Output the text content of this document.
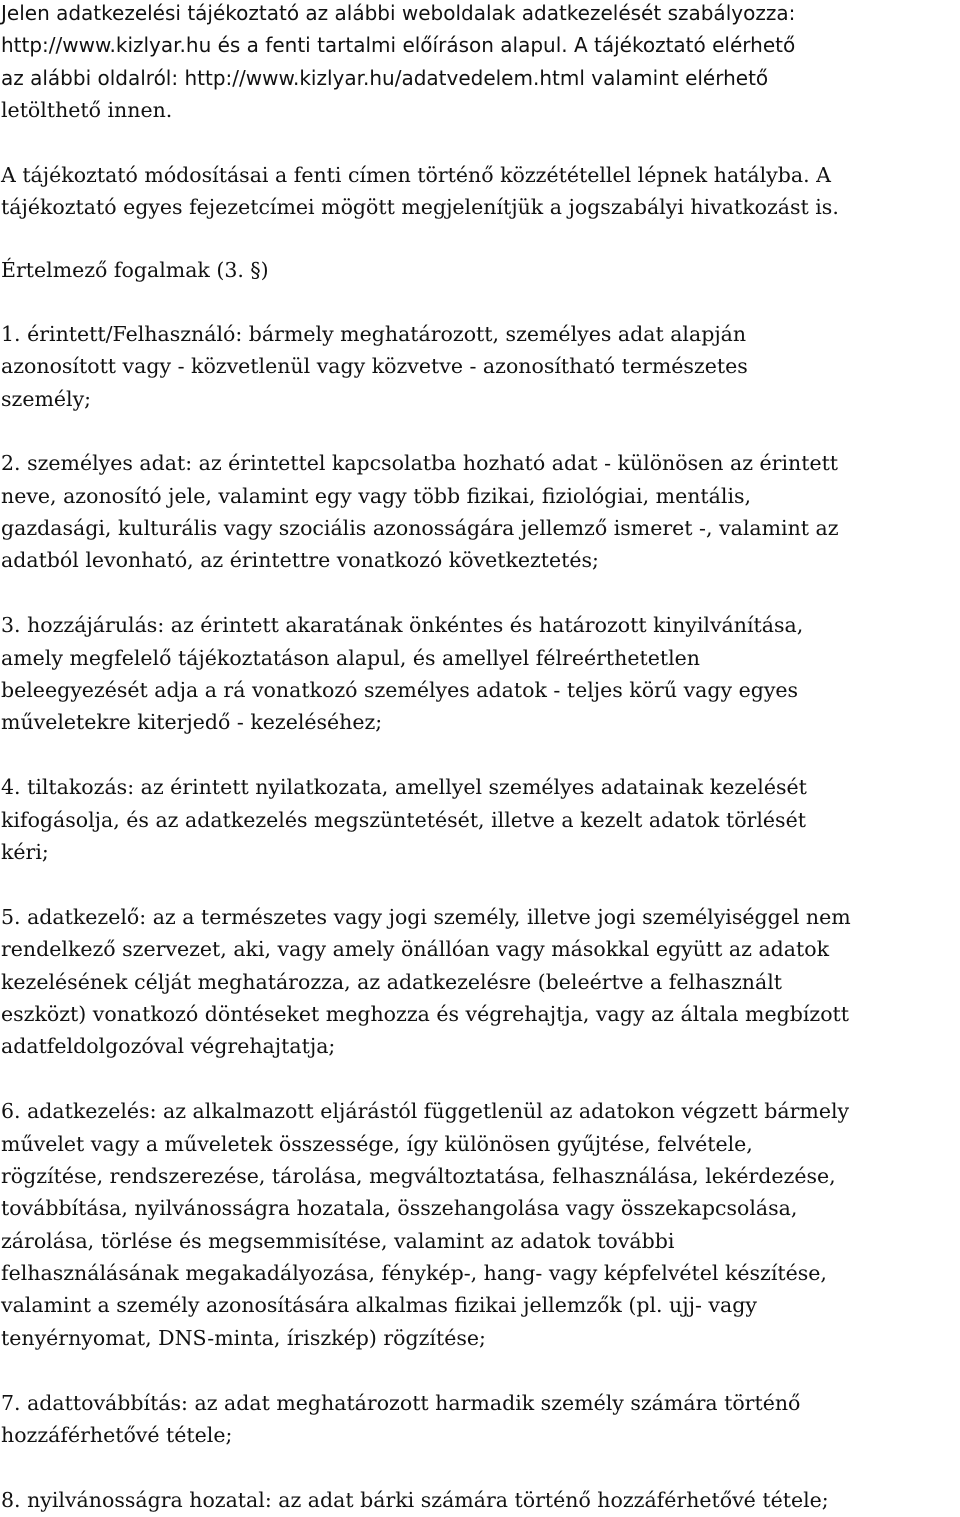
Jelen adatkezelési tájékoztató az alábbi weboldalak adatkezelését szabályozza:
http://www.kizlyar.hu és a fenti tartalmi előíráson alapul. A tájékoztató elérhető
az alábbi oldalról: http://www.kizlyar.hu/adatvedelem.html valamint elérhető
letölthető innen.
A tájékoztató módosításai a fenti címen történő közzététellel lépnek hatályba. A
tájékoztató egyes fejezetcímei mögött megjelenítjük a jogszabályi hivatkozást is.
Értelmező fogalmak (3. §)
1. érintett/Felhasználó: bármely meghatározott, személyes adat alapján
azonosított vagy - közvetlenül vagy közvetve - azonosítható természetes
személy;
2. személyes adat: az érintettel kapcsolatba hozható adat - különösen az érintett
neve, azonosító jele, valamint egy vagy több fizikai, fiziológiai, mentális,
gazdasági, kulturális vagy szociális azonosságára jellemző ismeret -, valamint az
adatból levonható, az érintettre vonatkozó következtetés;
3. hozzájárulás: az érintett akaratának önkéntes és határozott kinyilvánítása,
amely megfelelő tájékoztatáson alapul, és amellyel félreérthetetlen
beleegyezését adja a rá vonatkozó személyes adatok - teljes körű vagy egyes
műveletekre kiterjedő - kezeléséhez;
4. tiltakozás: az érintett nyilatkozata, amellyel személyes adatainak kezelését
kifogásolja, és az adatkezelés megszüntetését, illetve a kezelt adatok törlését
kéri;
5. adatkezelő: az a természetes vagy jogi személy, illetve jogi személyiséggel nem
rendelkező szervezet, aki, vagy amely önállóan vagy másokkal együtt az adatok
kezelésének célját meghatározza, az adatkezelésre (beleértve a felhasznált
eszközt) vonatkozó döntéseket meghozza és végrehajtja, vagy az általa megbízott
adatfeldolgozóval végrehajtatja;
6. adatkezelés: az alkalmazott eljárástól függetlenül az adatokon végzett bármely
művelet vagy a műveletek összessége, így különösen gyűjtése, felvétele,
rögzítése, rendszerezése, tárolása, megváltoztatása, felhasználása, lekérdezése,
továbbítása, nyilvánosságra hozatala, összehangolása vagy összekapcsolása,
zárolása, törlése és megsemmisítése, valamint az adatok további
felhasználásának megakadályozása, fénykép-, hang- vagy képfelvétel készítése,
valamint a személy azonosítására alkalmas fizikai jellemzők (pl. ujj- vagy
tenyérnyomat, DNS-minta, íriszkép) rögzítése;
7. adattovábbítás: az adat meghatározott harmadik személy számára történő
hozzáférhetővé tétele;
8. nyilvánosságra hozatal: az adat bárki számára történő hozzáférhetővé tétele;
